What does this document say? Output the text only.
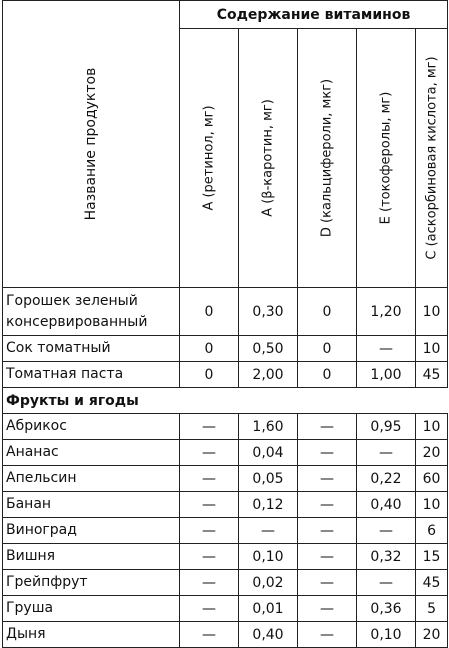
Название продуктов	Содержание витаминов				

	А (ретинол, мг)	А (β-каротин, мг)	D (кальцифероли, мкг)	Е (токоферолы, мг)	С (аскорбиновая кислота, мг)

Горошек зеленый консервированный	0	0,30	0	1,20	10
Сок томатный	0	0,50	0	—	10
Томатная паста	0	2,00	0	1,00	45
Фрукты и ягоды					
Абрикос	—	1,60	—	0,95	10
Ананас	—	0,04	—	—	20
Апельсин	—	0,05	—	0,22	60
Банан	—	0,12	—	0,40	10
Виноград	—	—	—	—	6
Вишня	—	0,10	—	0,32	15
Грейпфрут	—	0,02	—	—	45
Груша	—	0,01	—	0,36	5
Дыня	—	0,40	—	0,10	20
